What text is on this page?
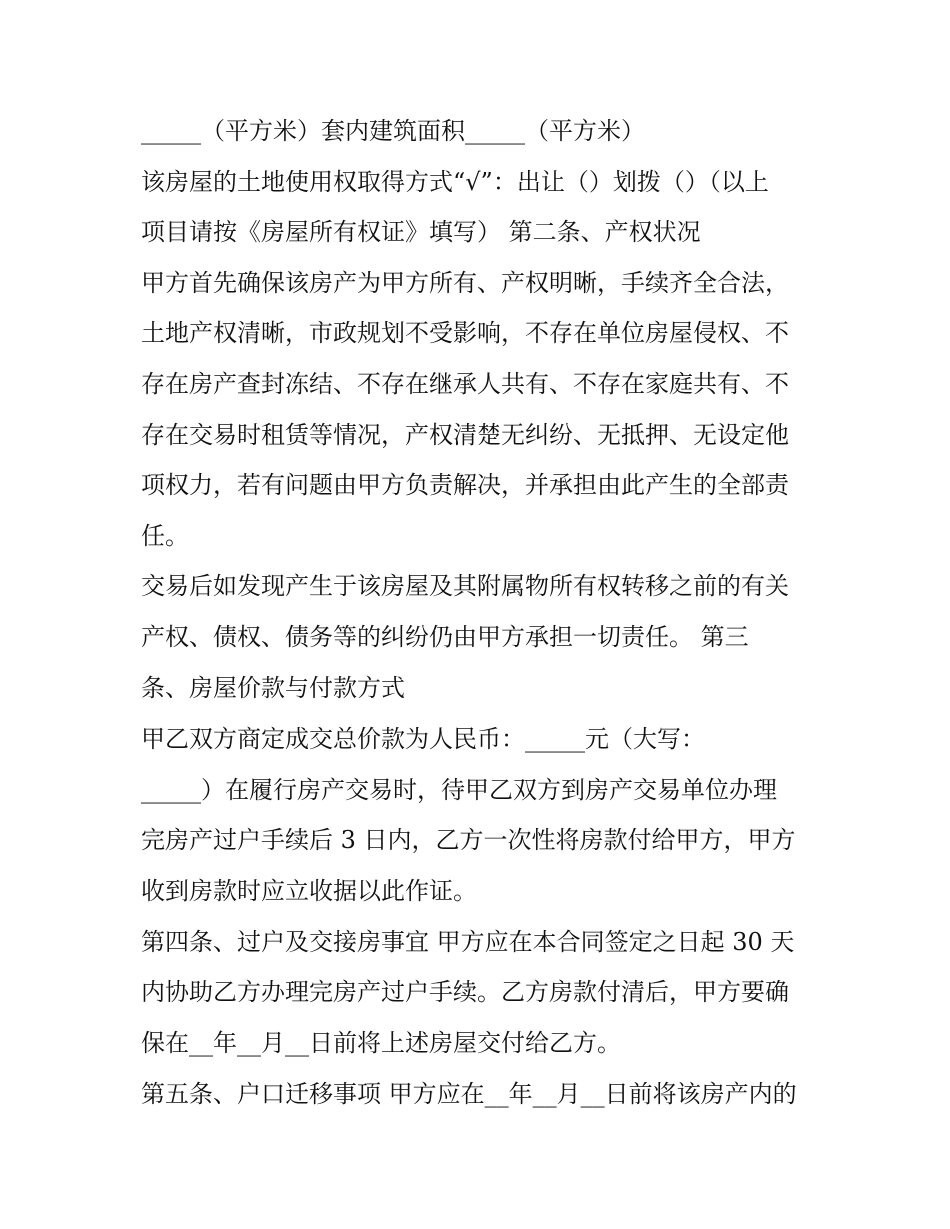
_____（平方米）套内建筑面积_____（平方米）
该房屋的土地使用权取得方式“√”：出让（）划拨（）（以上
项目请按《房屋所有权证》填写） 第二条、产权状况
甲方首先确保该房产为甲方所有、产权明晰，手续齐全合法，
土地产权清晰，市政规划不受影响，不存在单位房屋侵权、不
存在房产查封冻结、不存在继承人共有、不存在家庭共有、不
存在交易时租赁等情况，产权清楚无纠纷、无抵押、无设定他
项权力，若有问题由甲方负责解决，并承担由此产生的全部责
任。
交易后如发现产生于该房屋及其附属物所有权转移之前的有关
产权、债权、债务等的纠纷仍由甲方承担一切责任。 第三
条、房屋价款与付款方式
甲乙双方商定成交总价款为人民币：_____元（大写：
_____）在履行房产交易时，待甲乙双方到房产交易单位办理
完房产过户手续后 3 日内，乙方一次性将房款付给甲方，甲方
收到房款时应立收据以此作证。
第四条、过户及交接房事宜 甲方应在本合同签定之日起 30 天
内协助乙方办理完房产过户手续。乙方房款付清后，甲方要确
保在__年__月__日前将上述房屋交付给乙方。
第五条、户口迁移事项 甲方应在__年__月__日前将该房产内的
